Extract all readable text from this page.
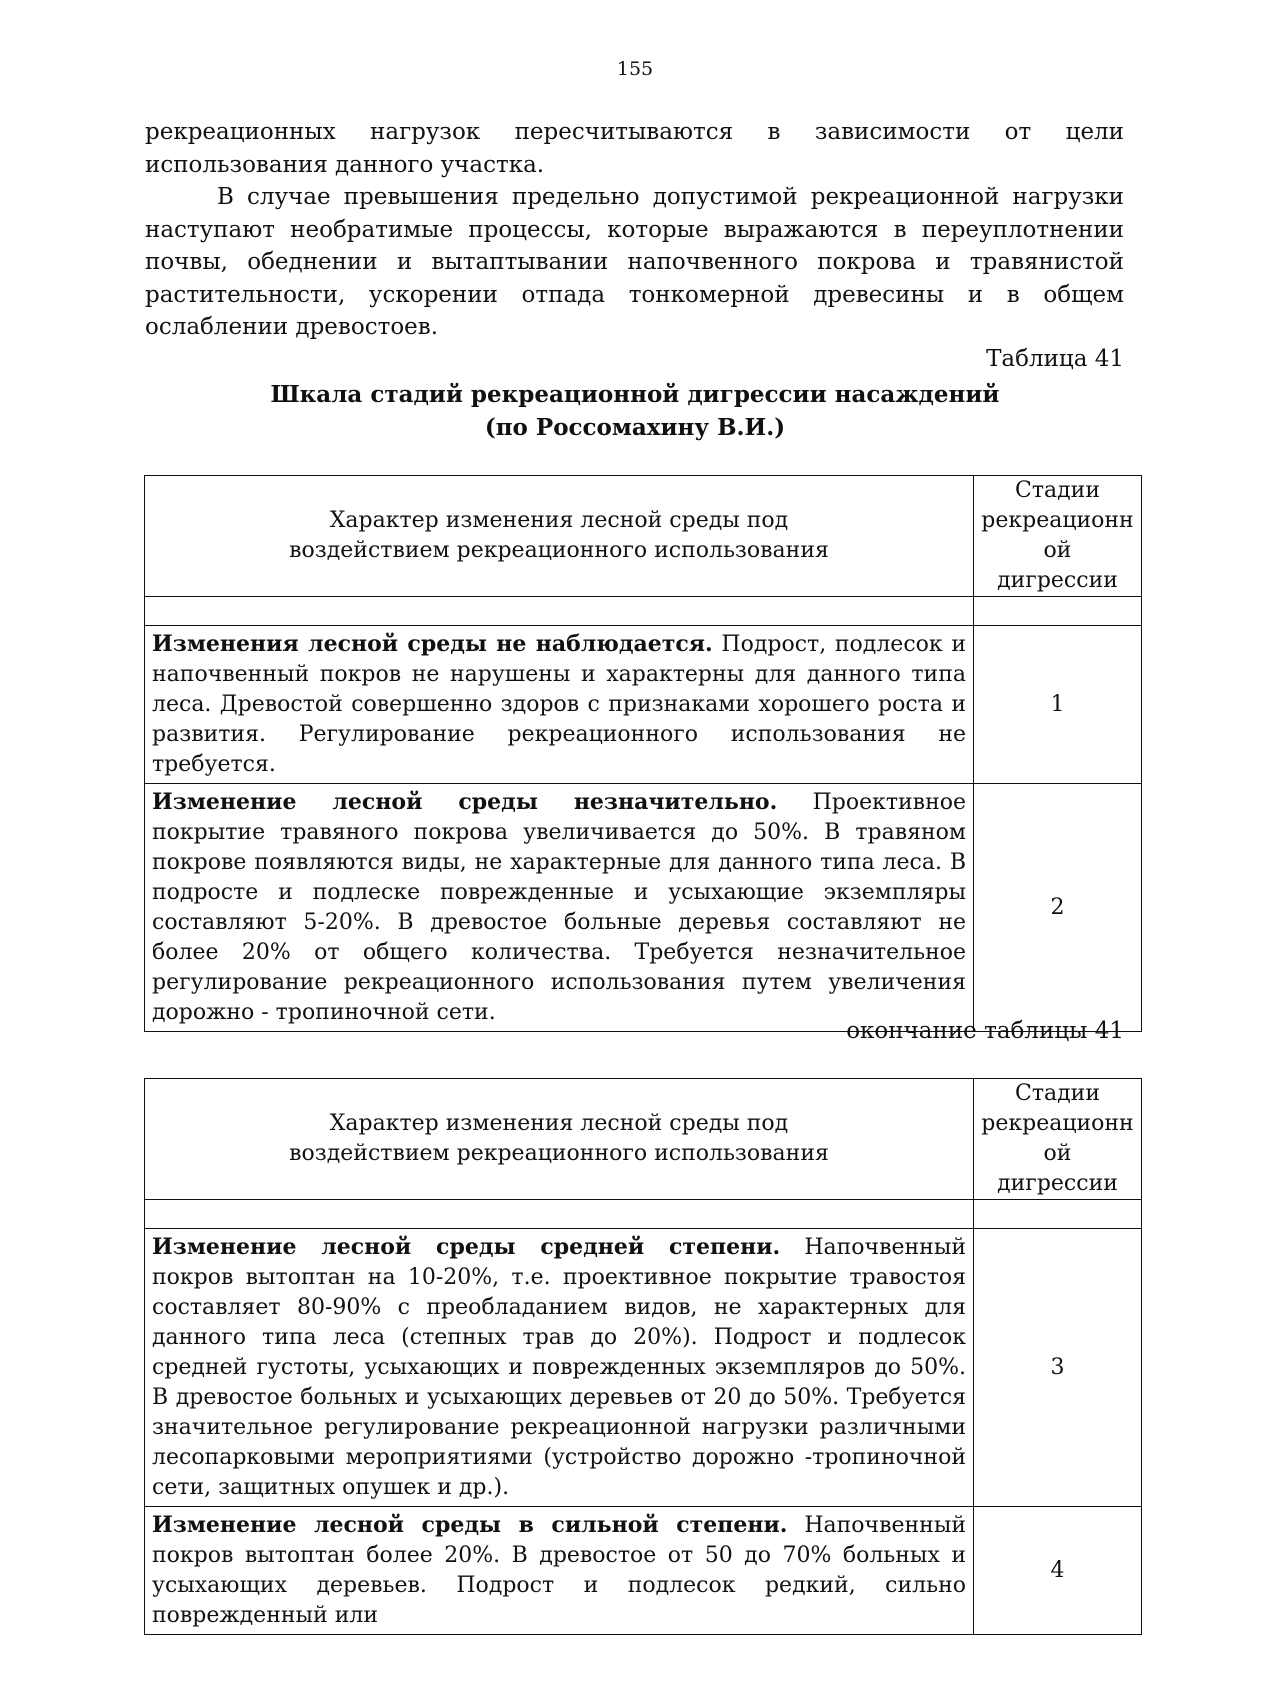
155
рекреационных нагрузок пересчитываются в зависимости от цели использования данного участка.
В случае превышения предельно допустимой рекреационной нагрузки наступают необратимые процессы, которые выражаются в переуплотнении почвы, обеднении и вытаптывании напочвенного покрова и травянистой растительности, ускорении отпада тонкомерной древесины и в общем ослаблении древостоев.
Таблица 41
Шкала стадий рекреационной дигрессии насаждений
(по Россомахину В.И.)
Характер изменения лесной среды под воздействием рекреационного использования	Стадии рекреационн ой дигрессии

Изменения лесной среды не наблюдается. Подрост, подлесок и напочвенный покров не нарушены и характерны для данного типа леса. Древостой совершенно здоров с признаками хорошего роста и развития. Регулирование рекреационного использования не требуется.	1
Изменение лесной среды незначительно. Проективное покрытие травяного покрова увеличивается до 50%. В травяном покрове появляются виды, не характерные для данного типа леса. В подросте и подлеске поврежденные и усыхающие экземпляры составляют 5-20%. В древостое больные деревья составляют не более 20% от общего количества. Требуется незначительное регулирование рекреационного использования путем увеличения дорожно - тропиночной сети.	2
окончание таблицы 41
Характер изменения лесной среды под воздействием рекреационного использования	Стадии рекреационн ой дигрессии

Изменение лесной среды средней степени. Напочвенный покров вытоптан на 10-20%, т.е. проективное покрытие травостоя составляет 80-90% с преобладанием видов, не характерных для данного типа леса (степных трав до 20%). Подрост и подлесок средней густоты, усыхающих и поврежденных экземпляров до 50%. В древостое больных и усыхающих деревьев от 20 до 50%. Требуется значительное регулирование рекреационной нагрузки различными лесопарковыми мероприятиями (устройство дорожно -тропиночной сети, защитных опушек и др.).	3
Изменение лесной среды в сильной степени. Напочвенный покров вытоптан более 20%. В древостое от 50 до 70% больных и усыхающих деревьев. Подрост и подлесок редкий, сильно поврежденный или	4
